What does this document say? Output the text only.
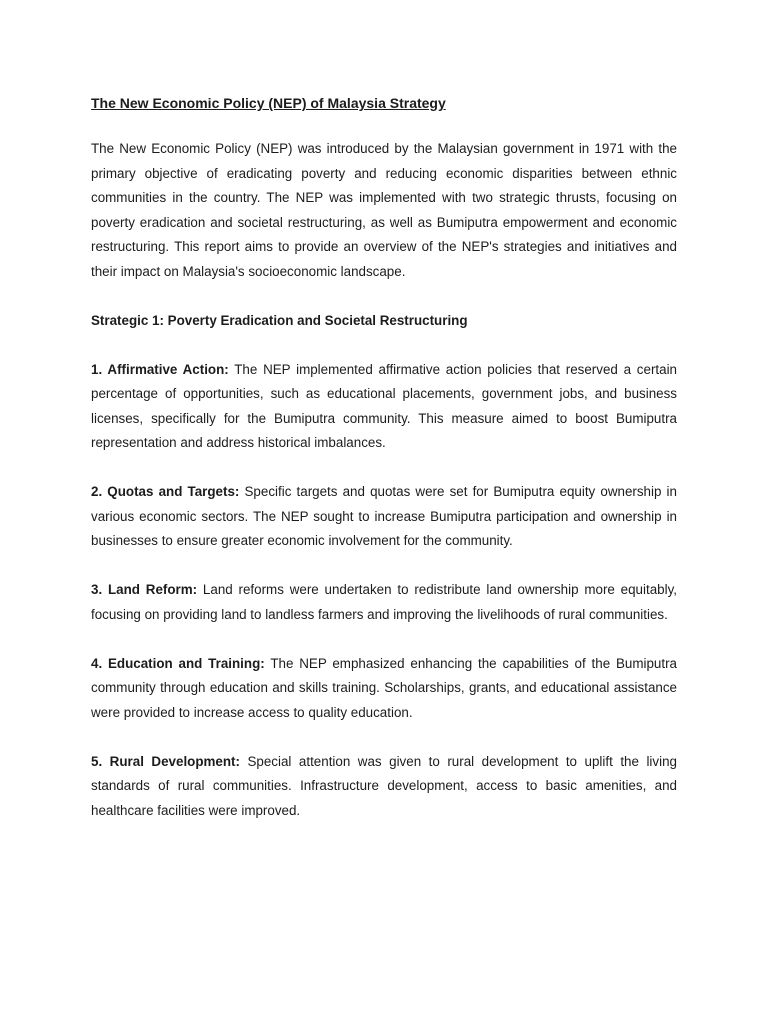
The New Economic Policy (NEP) of Malaysia Strategy

The New Economic Policy (NEP) was introduced by the Malaysian government in 1971 with the primary objective of eradicating poverty and reducing economic disparities between ethnic communities in the country. The NEP was implemented with two strategic thrusts, focusing on poverty eradication and societal restructuring, as well as Bumiputra empowerment and economic restructuring. This report aims to provide an overview of the NEP's strategies and initiatives and their impact on Malaysia's socioeconomic landscape.

Strategic 1: Poverty Eradication and Societal Restructuring

1. Affirmative Action: The NEP implemented affirmative action policies that reserved a certain percentage of opportunities, such as educational placements, government jobs, and business licenses, specifically for the Bumiputra community. This measure aimed to boost Bumiputra representation and address historical imbalances.

2. Quotas and Targets: Specific targets and quotas were set for Bumiputra equity ownership in various economic sectors. The NEP sought to increase Bumiputra participation and ownership in businesses to ensure greater economic involvement for the community.

3. Land Reform: Land reforms were undertaken to redistribute land ownership more equitably, focusing on providing land to landless farmers and improving the livelihoods of rural communities.

4. Education and Training: The NEP emphasized enhancing the capabilities of the Bumiputra community through education and skills training. Scholarships, grants, and educational assistance were provided to increase access to quality education.

5. Rural Development: Special attention was given to rural development to uplift the living standards of rural communities. Infrastructure development, access to basic amenities, and healthcare facilities were improved.
